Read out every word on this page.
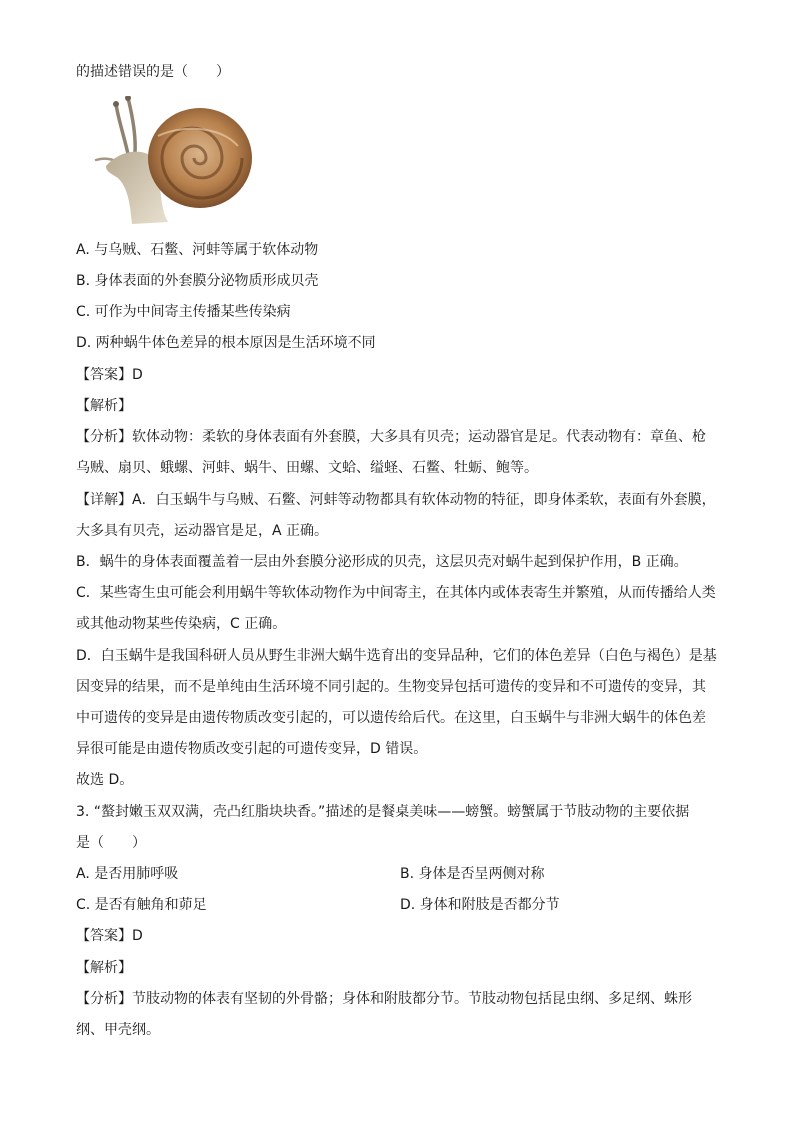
的描述错误的是（　　）
A. 与乌贼、石鳖、河蚌等属于软体动物
B. 身体表面的外套膜分泌物质形成贝壳
C. 可作为中间寄主传播某些传染病
D. 两种蜗牛体色差异的根本原因是生活环境不同
【答案】D
【解析】
【分析】软体动物：柔软的身体表面有外套膜，大多具有贝壳；运动器官是足。代表动物有：章鱼、枪
乌贼、扇贝、蛾螺、河蚌、蜗牛、田螺、文蛤、缢蛏、石鳖、牡蛎、鲍等。
【详解】A．白玉蜗牛与乌贼、石鳖、河蚌等动物都具有软体动物的特征，即身体柔软，表面有外套膜，
大多具有贝壳，运动器官是足，A 正确。
B．蜗牛的身体表面覆盖着一层由外套膜分泌形成的贝壳，这层贝壳对蜗牛起到保护作用，B 正确。
C．某些寄生虫可能会利用蜗牛等软体动物作为中间寄主，在其体内或体表寄生并繁殖，从而传播给人类
或其他动物某些传染病，C 正确。
D．白玉蜗牛是我国科研人员从野生非洲大蜗牛选育出的变异品种，它们的体色差异（白色与褐色）是基
因变异的结果，而不是单纯由生活环境不同引起的。生物变异包括可遗传的变异和不可遗传的变异，其
中可遗传的变异是由遗传物质改变引起的，可以遗传给后代。在这里，白玉蜗牛与非洲大蜗牛的体色差
异很可能是由遗传物质改变引起的可遗传变异，D 错误。
故选 D。
3. “螯封嫩玉双双满，壳凸红脂块块香。”描述的是餐桌美味——螃蟹。螃蟹属于节肢动物的主要依据
是（　　）
A. 是否用肺呼吸	B. 身体是否呈两侧对称
C. 是否有触角和茆足	D. 身体和附肢是否都分节
【答案】D
【解析】
【分析】节肢动物的体表有坚韧的外骨骼；身体和附肢都分节。节肢动物包括昆虫纲、多足纲、蛛形
纲、甲壳纲。
